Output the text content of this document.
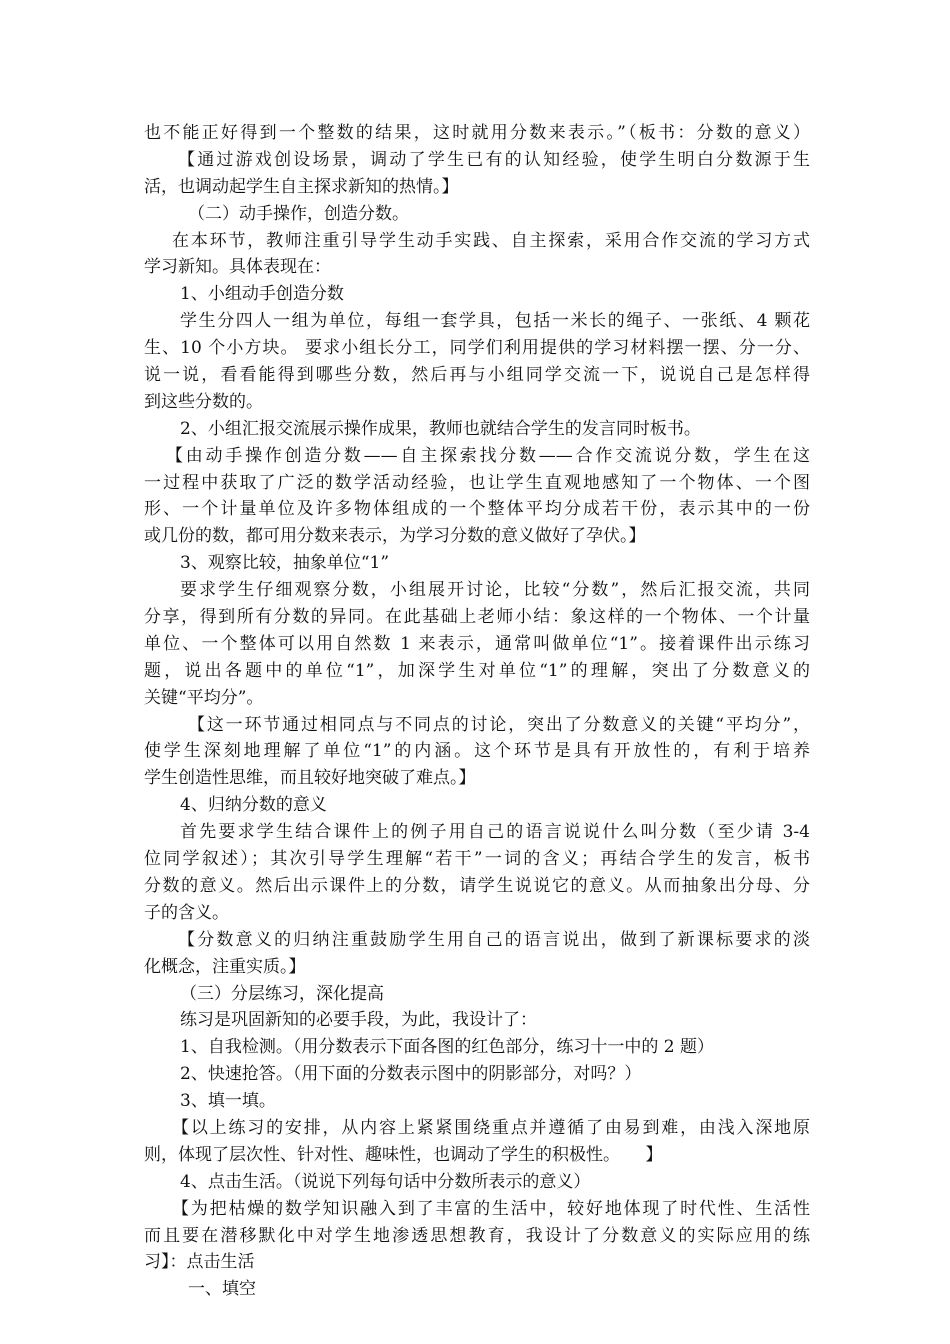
也不能正好得到一个整数的结果，这时就用分数来表示。”（板书：分数的意义）
【通过游戏创设场景，调动了学生已有的认知经验，使学生明白分数源于生
活，也调动起学生自主探求新知的热情。】
（二）动手操作，创造分数。
在本环节，教师注重引导学生动手实践、自主探索，采用合作交流的学习方式
学习新知。具体表现在：
1、小组动手创造分数
学生分四人一组为单位，每组一套学具，包括一米长的绳子、一张纸、4 颗花
生、10 个小方块。 要求小组长分工，同学们利用提供的学习材料摆一摆、分一分、
说一说，看看能得到哪些分数，然后再与小组同学交流一下，说说自己是怎样得
到这些分数的。
2、小组汇报交流展示操作成果，教师也就结合学生的发言同时板书。
【由动手操作创造分数——自主探索找分数——合作交流说分数，学生在这
一过程中获取了广泛的数学活动经验，也让学生直观地感知了一个物体、一个图
形、一个计量单位及许多物体组成的一个整体平均分成若干份，表示其中的一份
或几份的数，都可用分数来表示，为学习分数的意义做好了孕伏。】
3、观察比较，抽象单位“1”
要求学生仔细观察分数，小组展开讨论，比较“分数”，然后汇报交流，共同
分享，得到所有分数的异同。在此基础上老师小结：象这样的一个物体、一个计量
单位、一个整体可以用自然数 1 来表示，通常叫做单位“1”。接着课件出示练习
题，说出各题中的单位“1”，加深学生对单位“1”的理解，突出了分数意义的
关键“平均分”。
【这一环节通过相同点与不同点的讨论，突出了分数意义的关键“平均分”，
使学生深刻地理解了单位“1”的内涵。这个环节是具有开放性的，有利于培养
学生创造性思维，而且较好地突破了难点。】
4、归纳分数的意义
首先要求学生结合课件上的例子用自己的语言说说什么叫分数（至少请 3-4
位同学叙述）；其次引导学生理解“若干”一词的含义；再结合学生的发言，板书
分数的意义。然后出示课件上的分数，请学生说说它的意义。从而抽象出分母、分
子的含义。
【分数意义的归纳注重鼓励学生用自己的语言说出，做到了新课标要求的淡
化概念，注重实质。】
（三）分层练习，深化提高
练习是巩固新知的必要手段，为此，我设计了：
1、自我检测。（用分数表示下面各图的红色部分，练习十一中的 2 题）
2、快速抢答。（用下面的分数表示图中的阴影部分，对吗？）
3、填一填。
【以上练习的安排，从内容上紧紧围绕重点并遵循了由易到难，由浅入深地原
则，体现了层次性、针对性、趣味性，也调动了学生的积极性。　　】
4、点击生活。（说说下列每句话中分数所表示的意义）
【为把枯燥的数学知识融入到了丰富的生活中，较好地体现了时代性、生活性
而且要在潜移默化中对学生地渗透思想教育，我设计了分数意义的实际应用的练
习】：点击生活
一、填空
